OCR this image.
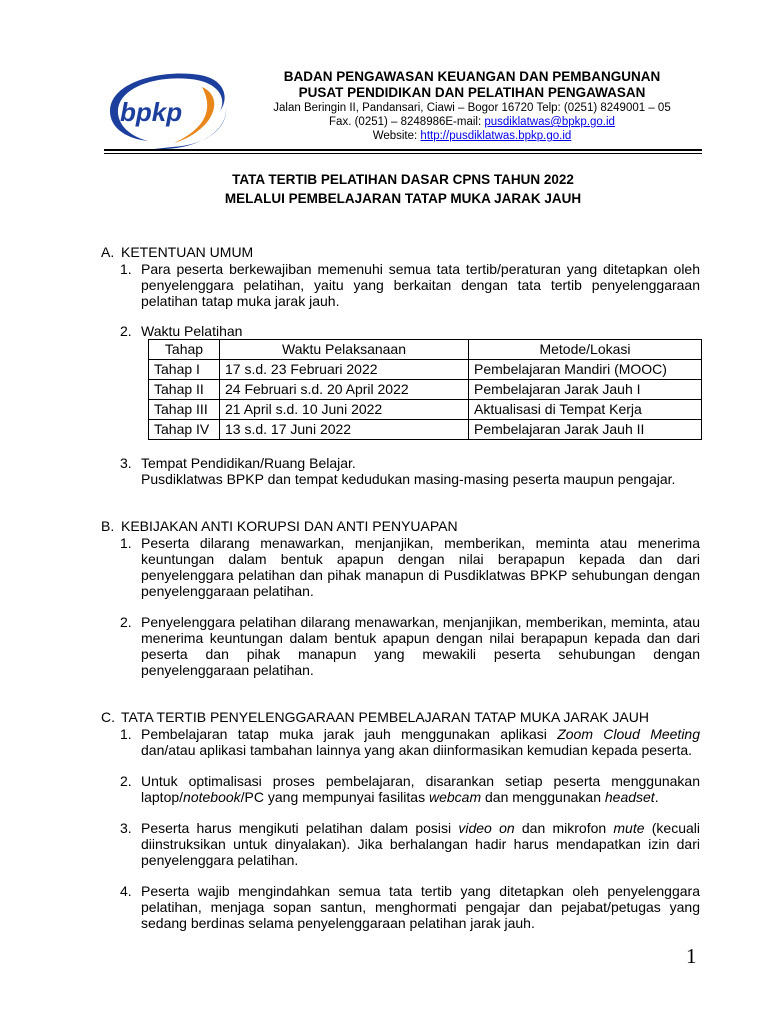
bpkp
BADAN PENGAWASAN KEUANGAN DAN PEMBANGUNAN
PUSAT PENDIDIKAN DAN PELATIHAN PENGAWASAN
Jalan Beringin II, Pandansari, Ciawi – Bogor 16720 Telp: (0251) 8249001 – 05
Fax. (0251) – 8248986E-mail: pusdiklatwas@bpkp.go.id
Website: http://pusdiklatwas.bpkp.go.id
TATA TERTIB PELATIHAN DASAR CPNS TAHUN 2022
MELALUI PEMBELAJARAN TATAP MUKA JARAK JAUH
A. KETENTUAN UMUM
1. Para peserta berkewajiban memenuhi semua tata tertib/peraturan yang ditetapkan oleh penyelenggara pelatihan, yaitu yang berkaitan dengan tata tertib penyelenggaraan pelatihan tatap muka jarak jauh.
2. Waktu Pelatihan
Tahap	Waktu Pelaksanaan	Metode/Lokasi
Tahap I	17 s.d. 23 Februari 2022	Pembelajaran Mandiri (MOOC)
Tahap II	24 Februari s.d. 20 April 2022	Pembelajaran Jarak Jauh I
Tahap III	21 April s.d. 10 Juni 2022	Aktualisasi di Tempat Kerja
Tahap IV	13 s.d. 17 Juni 2022	Pembelajaran Jarak Jauh II
3. Tempat Pendidikan/Ruang Belajar.
Pusdiklatwas BPKP dan tempat kedudukan masing-masing peserta maupun pengajar.
B. KEBIJAKAN ANTI KORUPSI DAN ANTI PENYUAPAN
1. Peserta dilarang menawarkan, menjanjikan, memberikan, meminta atau menerima keuntungan dalam bentuk apapun dengan nilai berapapun kepada dan dari penyelenggara pelatihan dan pihak manapun di Pusdiklatwas BPKP sehubungan dengan penyelenggaraan pelatihan.
2. Penyelenggara pelatihan dilarang menawarkan, menjanjikan, memberikan, meminta, atau menerima keuntungan dalam bentuk apapun dengan nilai berapapun kepada dan dari peserta dan pihak manapun yang mewakili peserta sehubungan dengan penyelenggaraan pelatihan.
C. TATA TERTIB PENYELENGGARAAN PEMBELAJARAN TATAP MUKA JARAK JAUH
1. Pembelajaran tatap muka jarak jauh menggunakan aplikasi Zoom Cloud Meeting dan/atau aplikasi tambahan lainnya yang akan diinformasikan kemudian kepada peserta.
2. Untuk optimalisasi proses pembelajaran, disarankan setiap peserta menggunakan laptop/notebook/PC yang mempunyai fasilitas webcam dan menggunakan headset.
3. Peserta harus mengikuti pelatihan dalam posisi video on dan mikrofon mute (kecuali diinstruksikan untuk dinyalakan). Jika berhalangan hadir harus mendapatkan izin dari penyelenggara pelatihan.
4. Peserta wajib mengindahkan semua tata tertib yang ditetapkan oleh penyelenggara pelatihan, menjaga sopan santun, menghormati pengajar dan pejabat/petugas yang sedang berdinas selama penyelenggaraan pelatihan jarak jauh.
1
